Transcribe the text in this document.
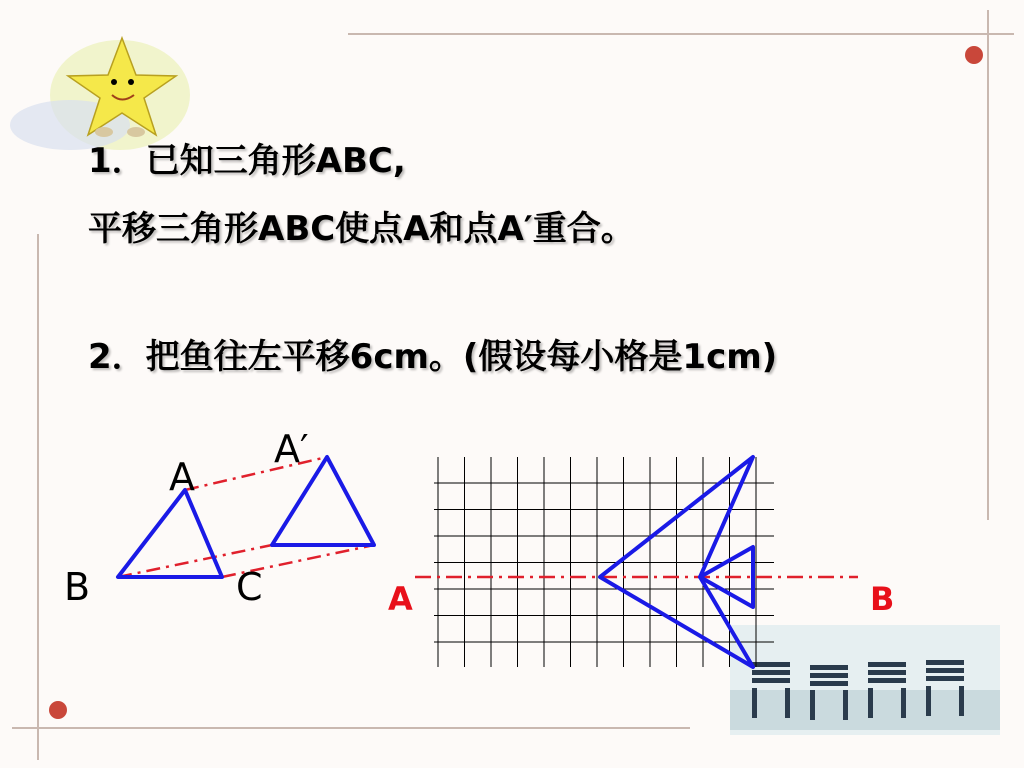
A
A′
B	C	A	B

1．已知三角形ABC,

平移三角形ABC使点A和点A′重合。

2．把鱼往左平移6cm。(假设每小格是1cm)
